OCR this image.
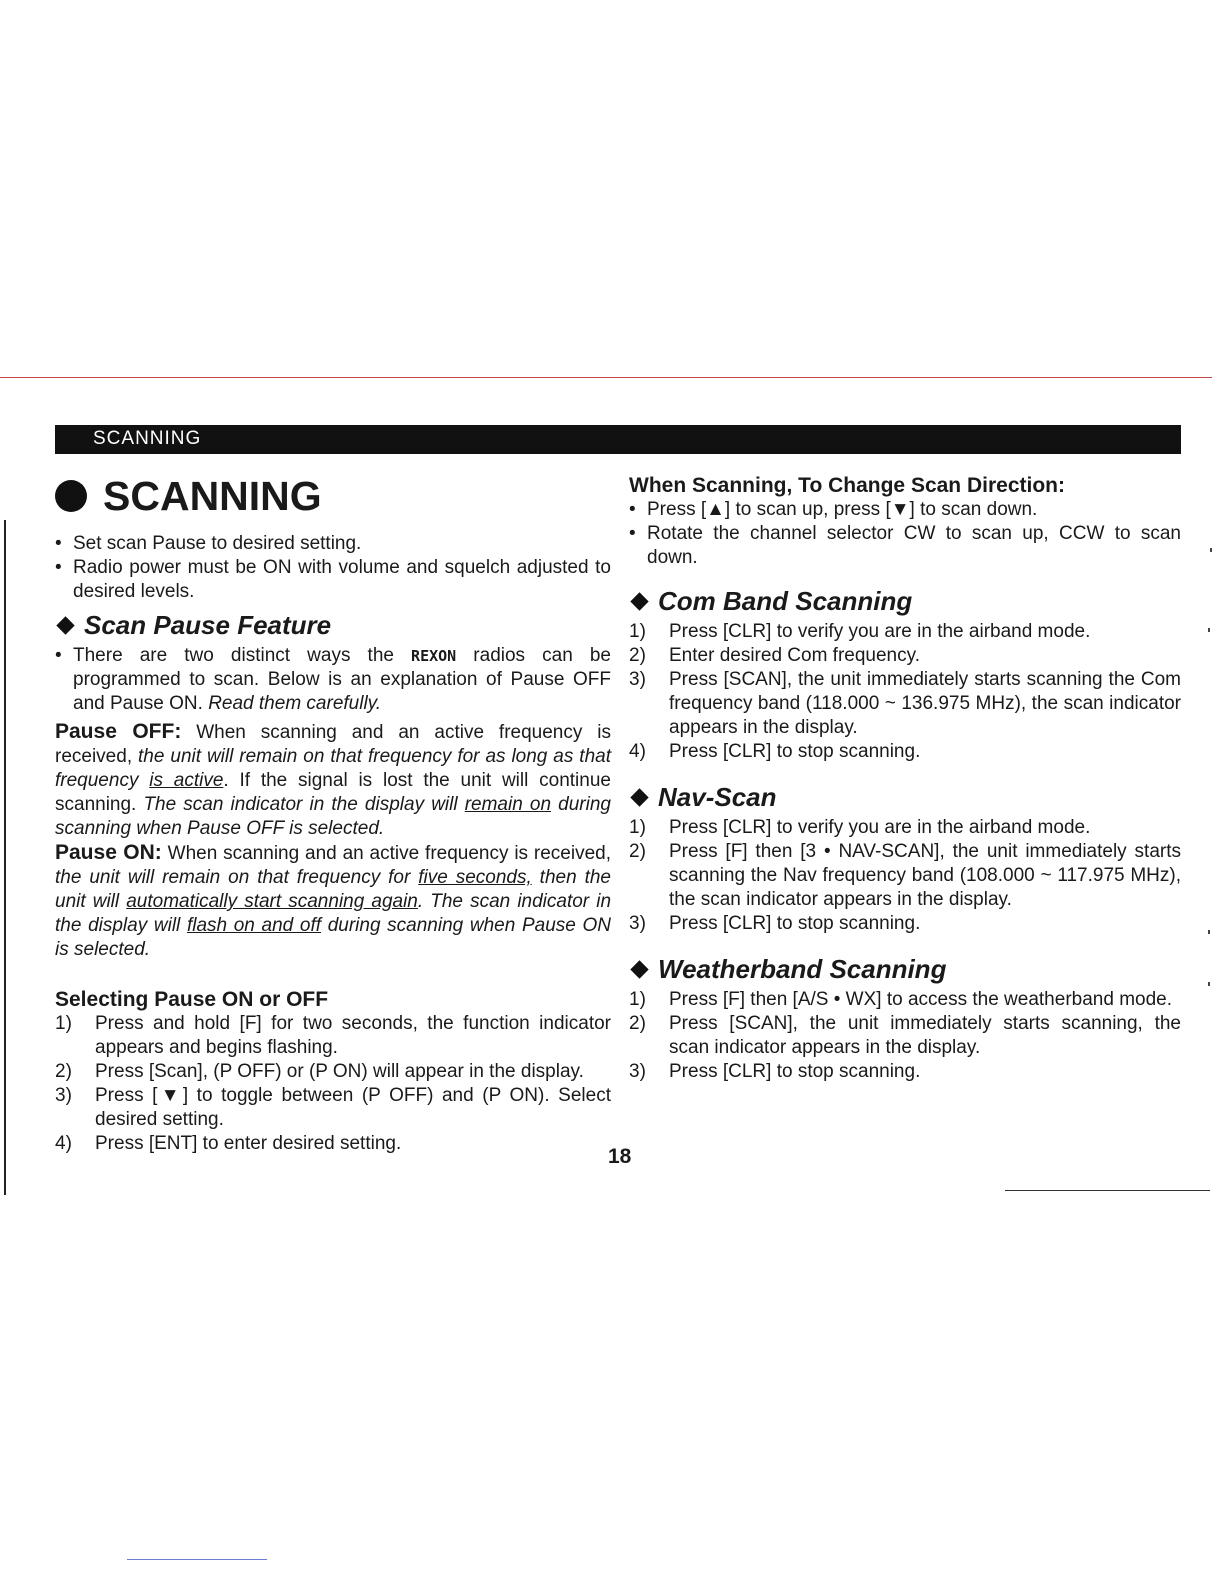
SCANNING
SCANNING

• Set scan Pause to desired setting.

• Radio power must be ON with volume and squelch adjusted to desired levels.

Scan Pause Feature

• There are two distinct ways the REXON radios can be programmed to scan. Below is an explanation of Pause OFF and Pause ON. Read them carefully.

Pause OFF: When scanning and an active frequency is received, the unit will remain on that frequency for as long as that frequency is active. If the signal is lost the unit will continue scanning. The scan indicator in the display will remain on during scanning when Pause OFF is selected.

Pause ON: When scanning and an active frequency is received, the unit will remain on that frequency for five seconds, then the unit will automatically start scanning again. The scan indicator in the display will flash on and off during scanning when Pause ON is selected.

Selecting Pause ON or OFF

1)	Press and hold [F] for two seconds, the function indicator appears and begins flashing.
2)	Press [Scan], (P OFF) or (P ON) will appear in the display.
3)	Press [▼] to toggle between (P OFF) and (P ON). Select desired setting.
4)	Press [ENT] to enter desired setting.

When Scanning, To Change Scan Direction:

• Press [▲] to scan up, press [▼] to scan down.

• Rotate the channel selector CW to scan up, CCW to scan down.

Com Band Scanning
1)	Press [CLR] to verify you are in the airband mode.
2)	Enter desired Com frequency.
3)	Press [SCAN], the unit immediately starts scanning the Com frequency band (118.000 ~ 136.975 MHz), the scan indicator appears in the display.
4)	Press [CLR] to stop scanning.
Nav-Scan
1)	Press [CLR] to verify you are in the airband mode.
2)	Press [F] then [3 • NAV-SCAN], the unit immediately starts scanning the Nav frequency band (108.000 ~ 117.975 MHz), the scan indicator appears in the display.
3)	Press [CLR] to stop scanning.
Weatherband Scanning
1)	Press [F] then [A/S • WX] to access the weatherband mode.
2)	Press [SCAN], the unit immediately starts scanning, the scan indicator appears in the display.
3)	Press [CLR] to stop scanning.
18
